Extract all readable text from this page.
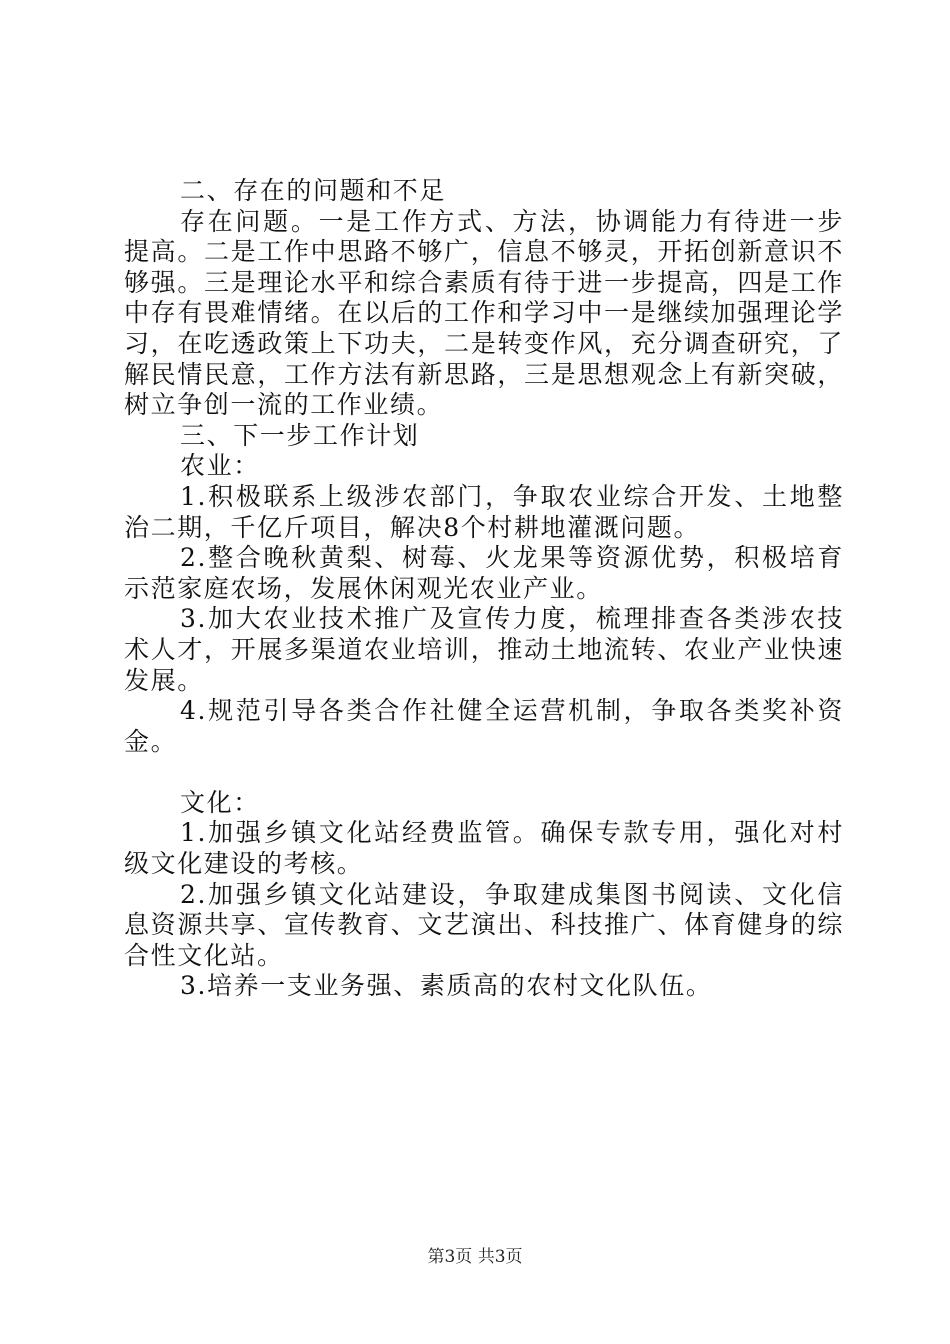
二、存在的问题和不足

存在问题。一是工作方式、方法，协调能力有待进一步提高。二是工作中思路不够广，信息不够灵，开拓创新意识不够强。三是理论水平和综合素质有待于进一步提高，四是工作中存有畏难情绪。在以后的工作和学习中一是继续加强理论学习，在吃透政策上下功夫，二是转变作风，充分调查研究，了解民情民意，工作方法有新思路，三是思想观念上有新突破，树立争创一流的工作业绩。

三、下一步工作计划

农业：

1.积极联系上级涉农部门，争取农业综合开发、土地整治二期，千亿斤项目，解决8个村耕地灌溉问题。

2.整合晚秋黄梨、树莓、火龙果等资源优势，积极培育示范家庭农场，发展休闲观光农业产业。

3.加大农业技术推广及宣传力度，梳理排查各类涉农技术人才，开展多渠道农业培训，推动土地流转、农业产业快速发展。

4.规范引导各类合作社健全运营机制，争取各类奖补资金。

文化：

1.加强乡镇文化站经费监管。确保专款专用，强化对村级文化建设的考核。

2.加强乡镇文化站建设，争取建成集图书阅读、文化信息资源共享、宣传教育、文艺演出、科技推广、体育健身的综合性文化站。

3.培养一支业务强、素质高的农村文化队伍。

第3页 共3页
